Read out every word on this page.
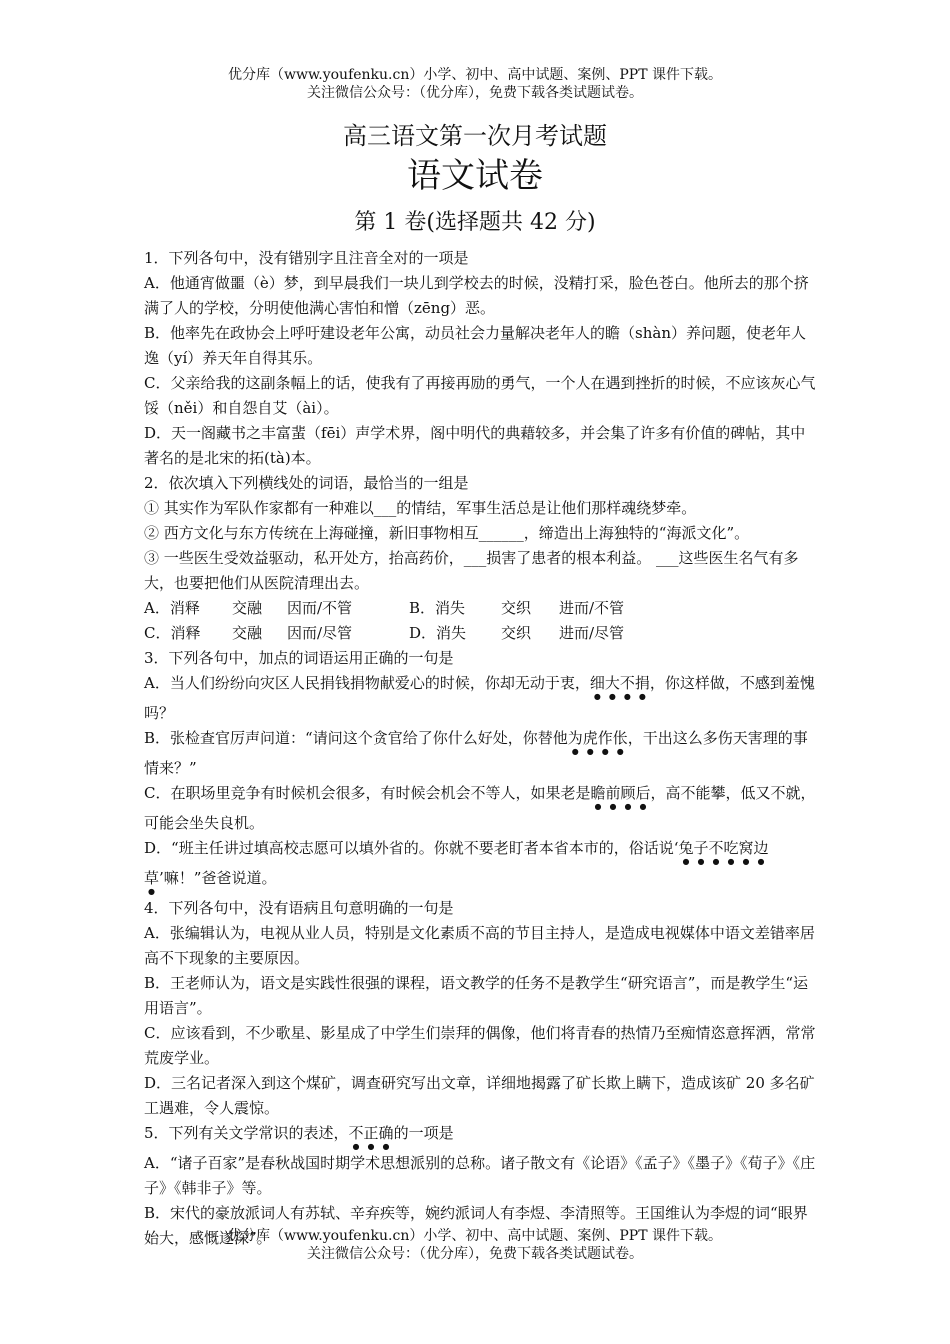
优分库（www.youfenku.cn）小学、初中、高中试题、案例、PPT 课件下载。
关注微信公众号：（优分库），免费下载各类试题试卷。
高三语文第一次月考试题
语文试卷
第 1 卷(选择题共 42 分)

1．下列各句中，没有错别字且注音全对的一项是

A．他通宵做噩（è）梦，到早晨我们一块儿到学校去的时候，没精打采，脸色苍白。他所去的那个挤满了人的学校，分明使他满心害怕和憎（zēng）恶。

B．他率先在政协会上呼吁建设老年公寓，动员社会力量解决老年人的瞻（shàn）养问题，使老年人逸（yí）养天年自得其乐。

C．父亲给我的这副条幅上的话，使我有了再接再励的勇气，一个人在遇到挫折的时候，不应该灰心气馁（něi）和自怨自艾（ài）。

D．天一阁藏书之丰富蜚（fēi）声学术界，阁中明代的典藉较多，并会集了许多有价值的碑帖，其中著名的是北宋的拓(tà)本。

2．依次填入下列横线处的词语，最恰当的一组是

① 其实作为军队作家都有一种难以___的情结，军事生活总是让他们那样魂绕梦牵。

② 西方文化与东方传统在上海碰撞，新旧事物相互______，缔造出上海独特的“海派文化”。

③ 一些医生受效益驱动，私开处方，抬高药价，___损害了患者的根本利益。 ___这些医生名气有多大，也要把他们从医院清理出去。

A．消释	交融	因而/不管	B．消失	交织	进而/不管
C．消释	交融	因而/尽管	D．消失	交织	进而/尽管

3．下列各句中，加点的词语运用正确的一句是

A．当人们纷纷向灾区人民捐钱捐物献爱心的时候，你却无动于衷，细大不捐，你这样做，不感到羞愧吗？

B．张检查官厉声问道：“请问这个贪官给了你什么好处，你替他为虎作伥，干出这么多伤天害理的事情来？”

C．在职场里竞争有时候机会很多，有时候会机会不等人，如果老是瞻前顾后，高不能攀，低又不就，可能会坐失良机。

D．“班主任讲过填高校志愿可以填外省的。你就不要老盯者本省本市的，俗话说‘兔子不吃窝边草’嘛！”爸爸说道。

4．下列各句中，没有语病且句意明确的一句是

A．张编辑认为，电视从业人员，特别是文化素质不高的节目主持人，是造成电视媒体中语文差错率居高不下现象的主要原因。

B．王老师认为，语文是实践性很强的课程，语文教学的任务不是教学生“研究语言”，而是教学生“运用语言”。

C．应该看到，不少歌星、影星成了中学生们崇拜的偶像，他们将青春的热情乃至痴情恣意挥洒，常常荒废学业。

D．三名记者深入到这个煤矿，调查研究写出文章，详细地揭露了矿长欺上瞒下，造成该矿 20 多名矿工遇难，令人震惊。

5．下列有关文学常识的表述，不正确的一项是

A．“诸子百家”是春秋战国时期学术思想派别的总称。诸子散文有《论语》《孟子》《墨子》《荀子》《庄子》《韩非子》等。

B．宋代的豪放派词人有苏轼、辛弃疾等，婉约派词人有李煜、李清照等。王国维认为李煜的词“眼界始大，感慨遂深”。

优分库（www.youfenku.cn）小学、初中、高中试题、案例、PPT 课件下载。
关注微信公众号：（优分库），免费下载各类试题试卷。
